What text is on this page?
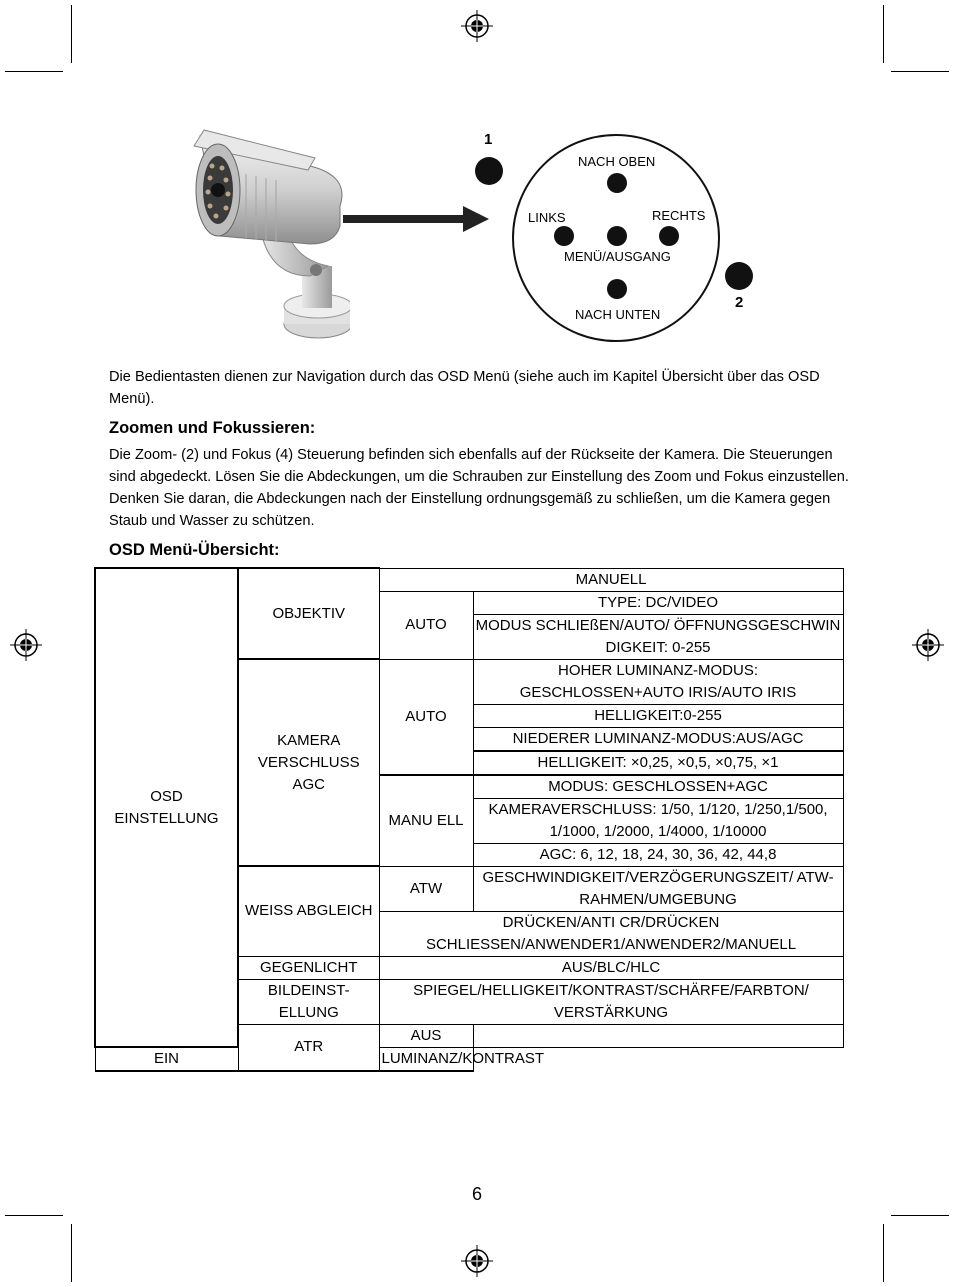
1
2
NACH OBEN
LINKS	RECHTS
MENÜ/AUSGANG
NACH UNTEN
Die Bedientasten dienen zur Navigation durch das OSD Menü (siehe auch im Kapitel Übersicht über das OSD Menü).
Zoomen und Fokussieren:
Die Zoom- (2) und Fokus (4) Steuerung befinden sich ebenfalls auf der Rückseite der Kamera. Die Steuerungen sind abgedeckt. Lösen Sie die Abdeckungen, um die Schrauben zur Einstellung des Zoom und Fokus einzustellen. Denken Sie daran, die Abdeckungen nach der Einstellung ordnungsgemäß zu schließen, um die Kamera gegen Staub und Wasser zu schützen.
OSD Menü-Übersicht:
OSD EINSTELLUNG	OBJEKTIV	MANUELL	
		AUTO	TYPE: DC/VIDEO
			MODUS SCHLIEßEN/AUTO/ ÖFFNUNGSGESCHWIN DIGKEIT: 0-255

	KAMERA VERSCHLUSS AGC	AUTO	HOHER LUMINANZ-MODUS: GESCHLOSSEN+AUTO IRIS/AUTO IRIS

			HELLIGKEIT:0-255
			NIEDERER LUMINANZ-MODUS:AUS/AGC
			HELLIGKEIT: ×0,25, ×0,5, ×0,75, ×1
		MANU ELL	MODUS: GESCHLOSSEN+AGC
			KAMERAVERSCHLUSS: 1/50, 1/120, 1/250,1/500, 1/1000, 1/2000, 1/4000, 1/10000

			AGC: 6, 12, 18, 24, 30, 36, 42, 44,8
	WEISS ABGLEICH	ATW	GESCHWINDIGKEIT/VERZÖGERUNGSZEIT/ ATW-RAHMEN/UMGEBUNG

		DRÜCKEN/ANTI CR/DRÜCKEN SCHLIESSEN/ANWENDER1/ANWENDER2/MANUELL	

	GEGENLICHT	AUS/BLC/HLC	
	BILDEINST- ELLUNG	SPIEGEL/HELLIGKEIT/KONTRAST/SCHÄRFE/FARBTON/ VERSTÄRKUNG	

	ATR	AUS	
EIN		LUMINANZ/KONTRAST	
6
